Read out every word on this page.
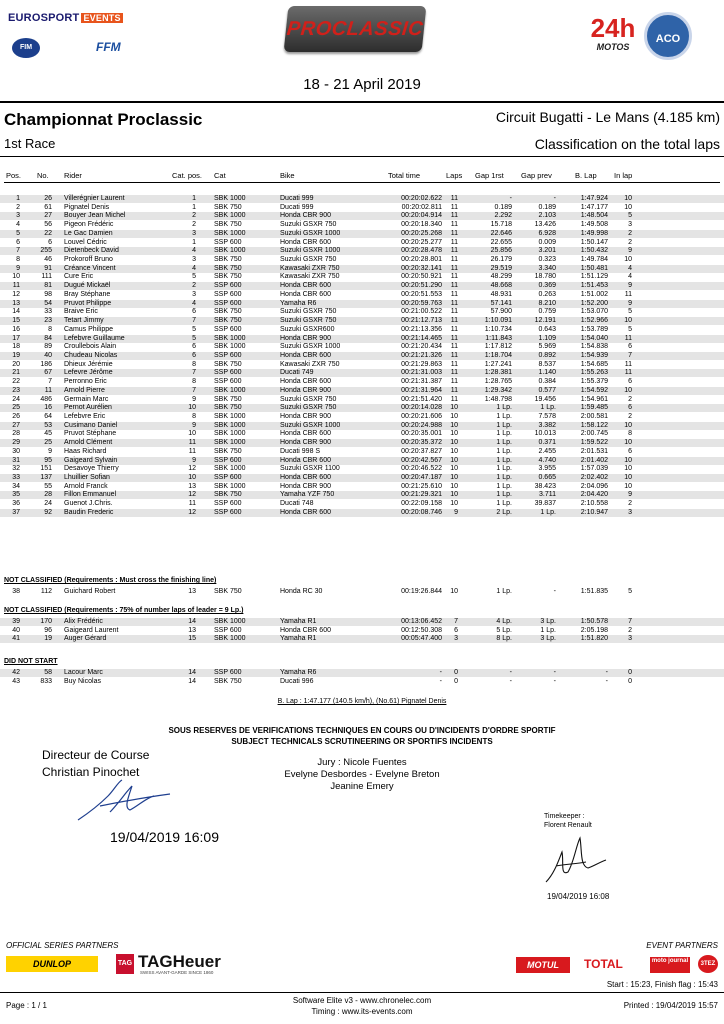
EUROSPORT EVENTS
FIM	FFM
PROCLASSIC	24h
MOTOS
ACO
18 - 21 April 2019
Championnat Proclassic	Circuit Bugatti - Le Mans (4.185 km)
1st Race	Classification on the total laps
Pos. No. Rider	Cat. pos. Cat	Bike	Total time	Laps Gap 1rst Gap prev	B. Lap In lap
1	26 Villerégnier Laurent	1	SBK 1000	Ducati 999	00:20:02.622	11	-	-	1:47.924	10
2	61 Pignatel Denis	1	SBK 750	Ducati 999	00:20:02.811	11	0.189	0.189	1:47.177	10
3	27 Bouyer Jean Michel	2	SBK 1000	Honda CBR 900	00:20:04.914	11	2.292	2.103	1:48.504	5
4	56 Pigeon Frédéric	2	SBK 750	Suzuki GSXR 750	00:20:18.340	11	15.718	13.426	1:49.508	3
5	22 Le Gac Damien	3	SBK 1000	Suzuki GSXR 1000	00:20:25.268	11	22.646	6.928	1:49.998	2
6	6 Louvel Cédric	1	SSP 600	Honda CBR 600	00:20:25.277	11	22.655	0.009	1:50.147	2
7	255 Dietenbeck David	4	SBK 1000	Suzuki GSXR 1000	00:20:28.478	11	25.856	3.201	1:50.432	9
8	46 Prokoroff Bruno	3	SBK 750	Suzuki GSXR 750	00:20:28.801	11	26.179	0.323	1:49.784	10
9	91 Créance Vincent	4	SBK 750	Kawasaki ZXR 750	00:20:32.141	11	29.519	3.340	1:50.481	4
10	111 Cure Eric	5	SBK 750	Kawasaki ZXR 750	00:20:50.921	11	48.299	18.780	1:51.129	4
11	81 Dugué Mickaël	2	SSP 600	Honda CBR 600	00:20:51.290	11	48.668	0.369	1:51.453	9
12	98 Bray Stéphane	3	SSP 600	Honda CBR 600	00:20:51.553	11	48.931	0.263	1:51.002	11
13	54 Pruvot Philippe	4	SSP 600	Yamaha R6	00:20:59.763	11	57.141	8.210	1:52.200	9
14	33 Braive Eric	6	SBK 750	Suzuki GSXR 750	00:21:00.522	11	57.900	0.759	1:53.070	5
15	23 Tetart Jimmy	7	SBK 750	Suzuki GSXR 750	00:21:12.713	11	1:10.091	12.191	1:52.966	10
16	8 Camus Philippe	5	SSP 600	Suzuki GSXR600	00:21:13.356	11	1:10.734	0.643	1:53.789	5
17	84 Lefebvre Guillaume	5	SBK 1000	Honda CBR 900	00:21:14.465	11	1:11.843	1.109	1:54.040	11
18	89 Croullebois Alain	6	SBK 1000	Suzuki GSXR 1000	00:21:20.434	11	1:17.812	5.969	1:54.838	6
19	40 Chudeau Nicolas	6	SSP 600	Honda CBR 600	00:21:21.326	11	1:18.704	0.892	1:54.939	7
20	186 Dhieux Jérémie	8	SBK 750	Kawasaki ZXR 750	00:21:29.863	11	1:27.241	8.537	1:54.685	11
21	67 Lefevre Jérôme	7	SSP 600	Ducati 749	00:21:31.003	11	1:28.381	1.140	1:55.263	11
22	7 Perronno Eric	8	SSP 600	Honda CBR 600	00:21:31.387	11	1:28.765	0.384	1:55.379	6
23	11 Arnold Pierre	7	SBK 1000	Honda CBR 900	00:21:31.964	11	1:29.342	0.577	1:54.592	10
24	486 Germain Marc	9	SBK 750	Suzuki GSXR 750	00:21:51.420	11	1:48.798	19.456	1:54.961	2
25	16 Pernot Aurélien	10	SBK 750	Suzuki GSXR 750	00:20:14.028	10	1 Lp.	1 Lp.	1:59.485	6
26	64 Lefebvre Eric	8	SBK 1000	Honda CBR 900	00:20:21.606	10	1 Lp.	7.578	2:00.581	2
27	53 Cusimano Daniel	9	SBK 1000	Suzuki GSXR 1000	00:20:24.988	10	1 Lp.	3.382	1:58.122	10
28	45 Pruvot Stéphane	10	SBK 1000	Honda CBR 600	00:20:35.001	10	1 Lp.	10.013	2:00.745	8
29	25 Arnold Clément	11	SBK 1000	Honda CBR 900	00:20:35.372	10	1 Lp.	0.371	1:59.522	10
30	9 Haas Richard	11	SBK 750	Ducati 998 S	00:20:37.827	10	1 Lp.	2.455	2:01.531	6
31	95 Gaigeard Sylvain	9	SSP 600	Honda CBR 600	00:20:42.567	10	1 Lp.	4.740	2:01.402	10
32	151 Desavoye Thierry	12	SBK 1000	Suzuki GSXR 1100	00:20:46.522	10	1 Lp.	3.955	1:57.039	10
33	137 Lhuillier Sofian	10	SSP 600	Honda CBR 600	00:20:47.187	10	1 Lp.	0.665	2:02.402	10
34	55 Arnold Franck	13	SBK 1000	Honda CBR 900	00:21:25.610	10	1 Lp.	38.423	2:04.096	10
35	28 Fillon Emmanuel	12	SBK 750	Yamaha YZF 750	00:21:29.321	10	1 Lp.	3.711	2:04.420	9
36	24 Guenot J.Chris.	11	SSP 600	Ducati 748	00:22:09.158	10	1 Lp.	39.837	2:10.558	2
37	92 Baudin Frederic	12	SSP 600	Honda CBR 600	00:20:08.746	9	2 Lp.	1 Lp.	2:10.947	3
NOT CLASSIFIED (Requirements : Must cross the finishing line)
38	112 Guichard Robert	13	SBK 750	Honda RC 30	00:19:26.844	10	1 Lp.	-	1:51.835	5
NOT CLASSIFIED (Requirements : 75% of number laps of leader = 9 Lp.)
39	170 Alix Frédéric	14	SBK 1000	Yamaha R1	00:13:06.452	7	4 Lp.	3 Lp.	1:50.578	7
40	96 Gaigeard Laurent	13	SSP 600	Honda CBR 600	00:12:50.308	6	5 Lp.	1 Lp.	2:05.198	2
41	19 Auger Gérard	15	SBK 1000	Yamaha R1	00:05:47.400	3	8 Lp.	3 Lp.	1:51.820	3
DID NOT START
42	58 Lacour Marc	14	SSP 600	Yamaha R6	-	0	-	-	-	0
43	833 Buy Nicolas	14	SBK 750	Ducati 996	-	0	-	-	-	0
B. Lap : 1:47.177 (140.5 km/h), (No.61) Pignatel Denis
SOUS RESERVES DE VERIFICATIONS TECHNIQUES EN COURS OU D'INCIDENTS D'ORDRE SPORTIF
SUBJECT TECHNICALS SCRUTINEERING OR SPORTIFS INCIDENTS
Directeur de Course
Christian Pinochet
19/04/2019 16:09
Jury : Nicole Fuentes
Evelyne Desbordes - Evelyne Breton
Jeanine Emery
Timekeeper :
Florent Renault
19/04/2019 16:08
OFFICIAL SERIES PARTNERS	EVENT PARTNERS
DUNLOP	TAG TAGHeuer
SWISS AVANT-GARDE SINCE 1860
MOTUL	TOTAL	moto journal	3TEZ
Start : 15:23, Finish flag : 15:43
Page : 1 / 1
Software Elite v3 - www.chronelec.com
Timing : www.its-events.com
Printed : 19/04/2019 15:57
